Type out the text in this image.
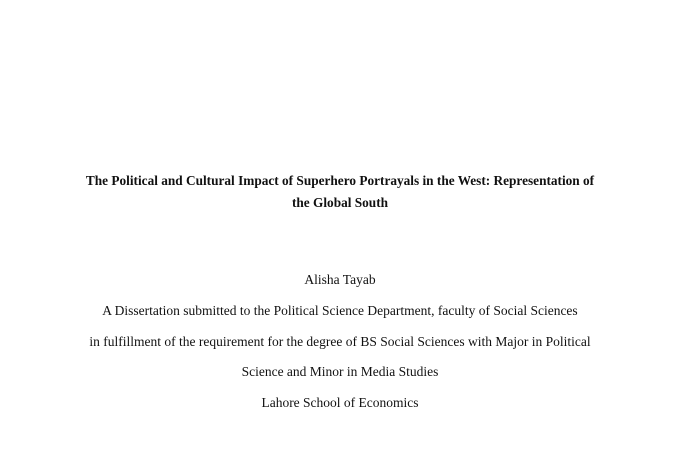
The Political and Cultural Impact of Superhero Portrayals in the West: Representation of
the Global South
Alisha Tayab
A Dissertation submitted to the Political Science Department, faculty of Social Sciences
in fulfillment of the requirement for the degree of BS Social Sciences with Major in Political
Science and Minor in Media Studies
Lahore School of Economics
